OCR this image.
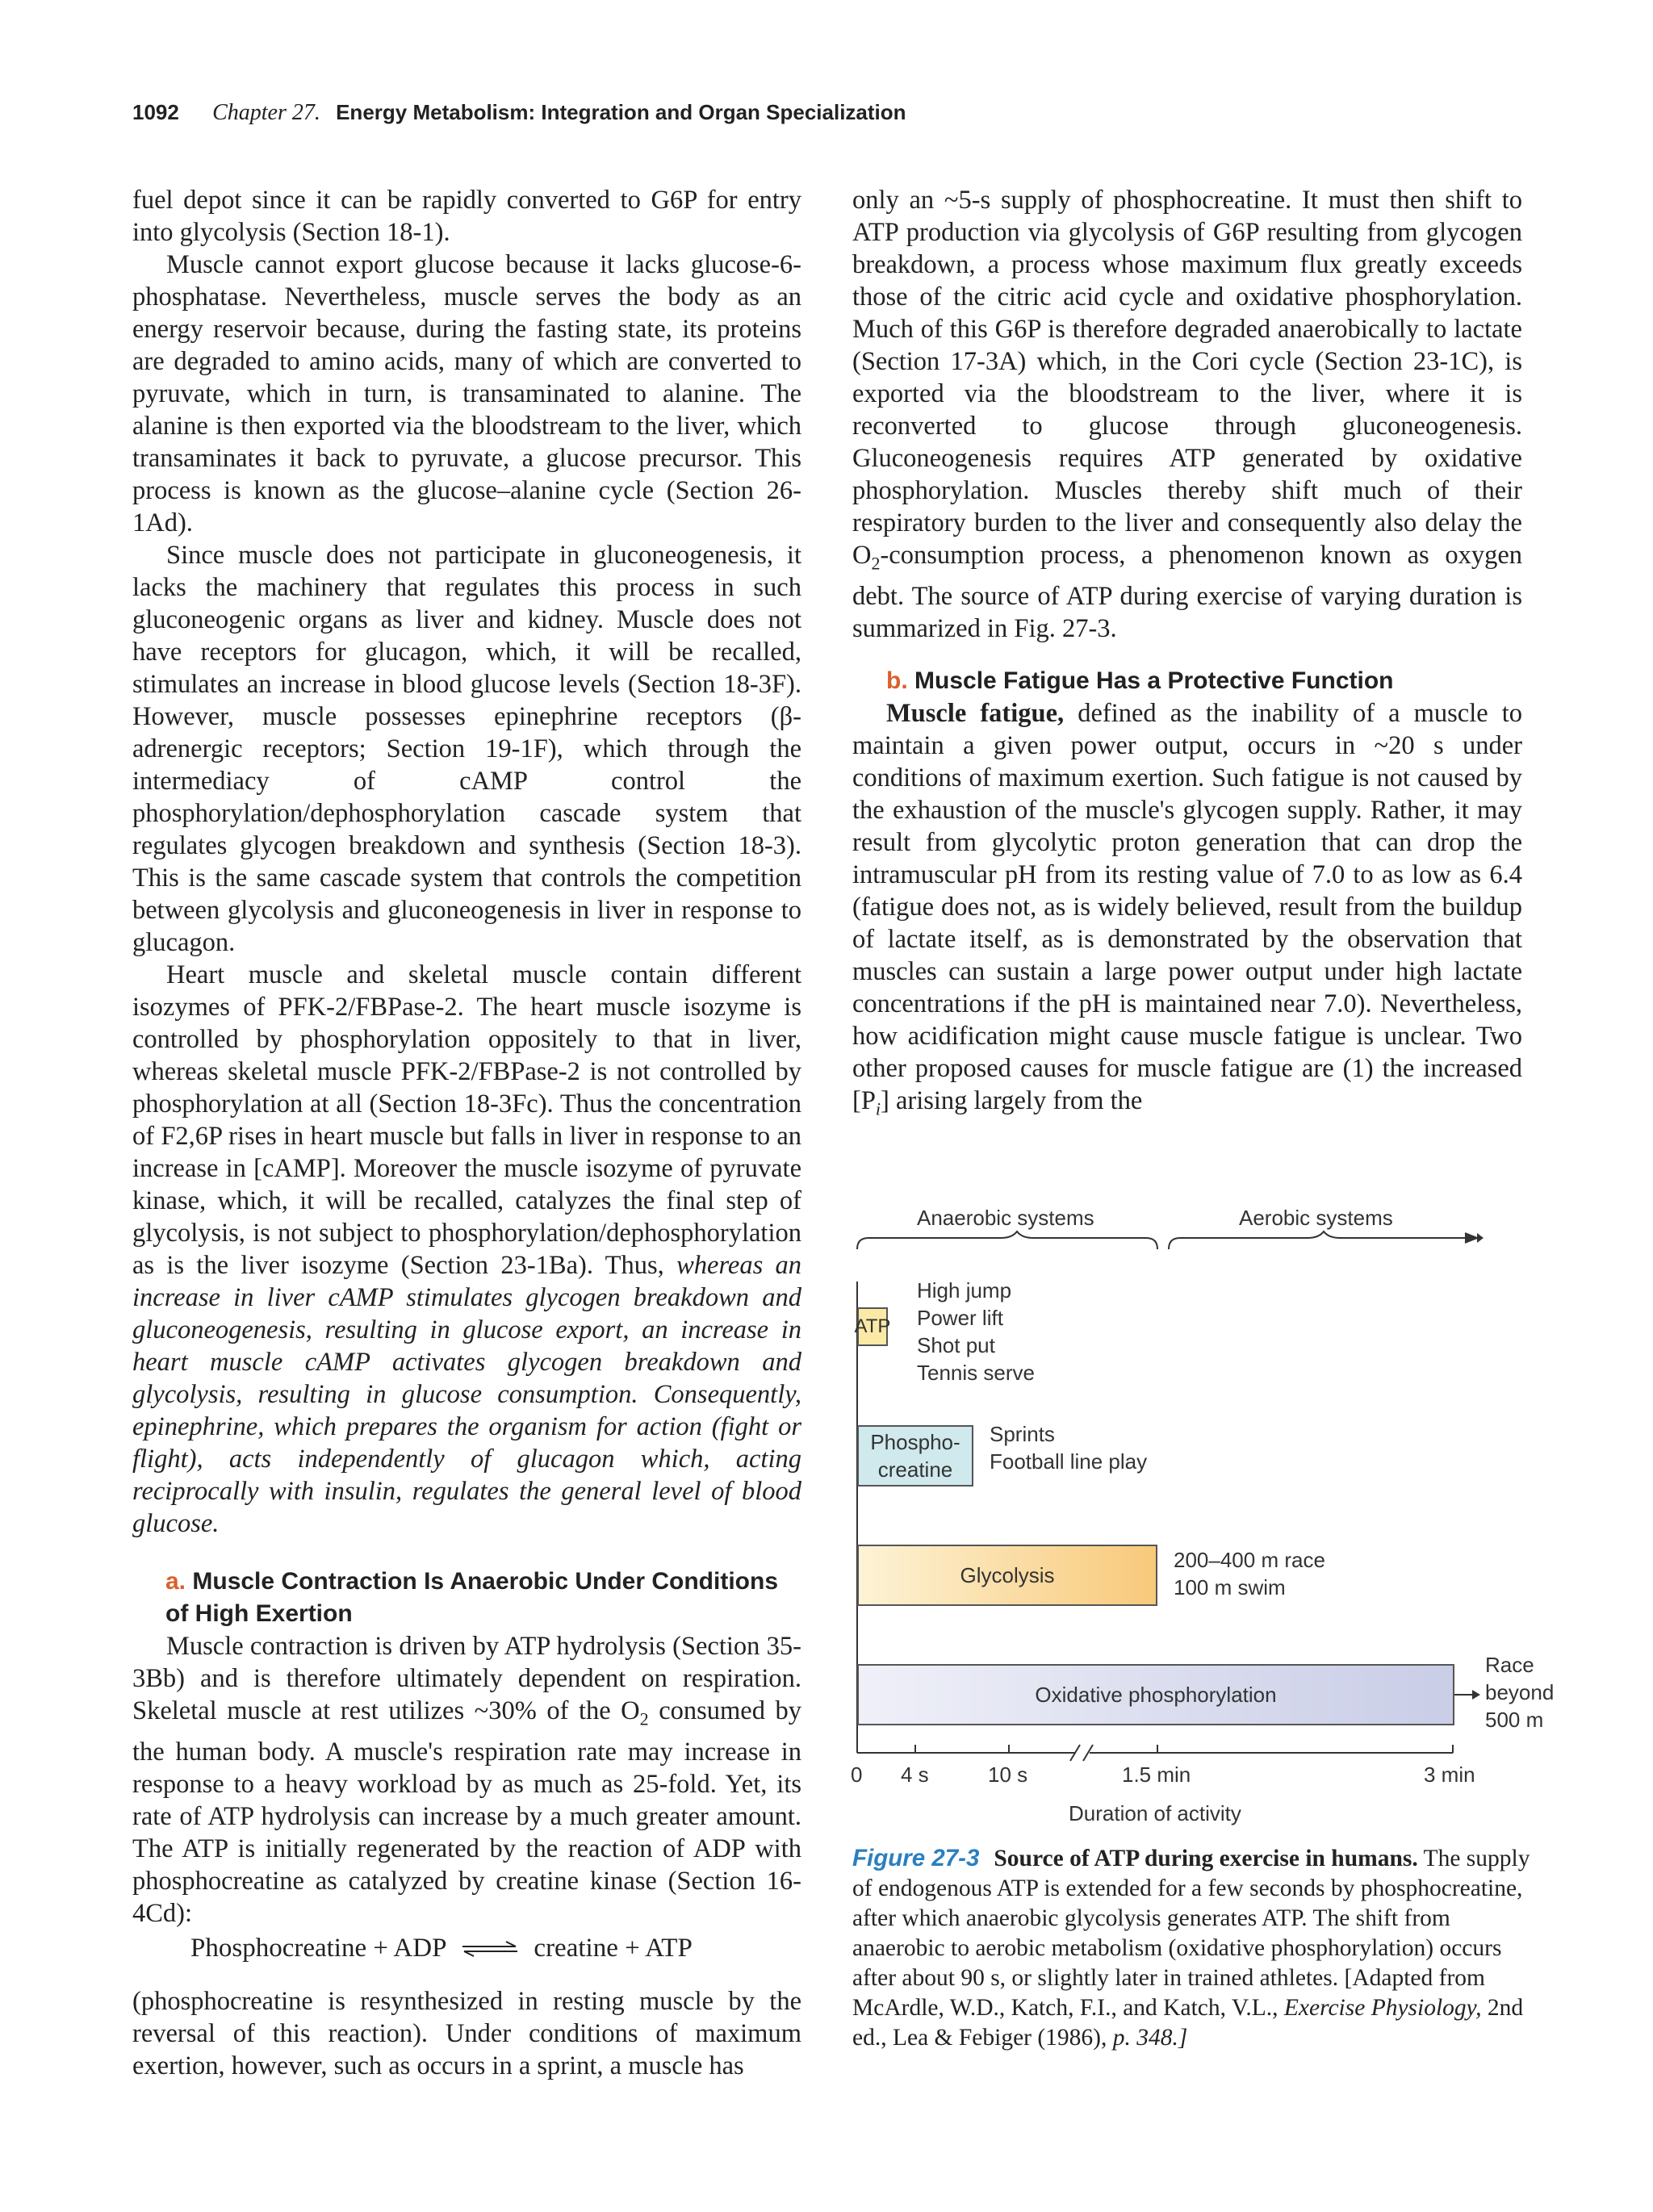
1092 Chapter 27. Energy Metabolism: Integration and Organ Specialization

fuel depot since it can be rapidly converted to G6P for entry into glycolysis (Section 18-1).

Muscle cannot export glucose because it lacks glucose-6-phosphatase. Nevertheless, muscle serves the body as an energy reservoir because, during the fasting state, its proteins are degraded to amino acids, many of which are converted to pyruvate, which in turn, is transaminated to alanine. The alanine is then exported via the bloodstream to the liver, which transaminates it back to pyruvate, a glucose precursor. This process is known as the glucose–alanine cycle (Section 26-1Ad).

Since muscle does not participate in gluconeogenesis, it lacks the machinery that regulates this process in such gluconeogenic organs as liver and kidney. Muscle does not have receptors for glucagon, which, it will be recalled, stimulates an increase in blood glucose levels (Section 18-3F). However, muscle possesses epinephrine receptors (β-adrenergic receptors; Section 19-1F), which through the intermediacy of cAMP control the phosphorylation/dephosphorylation cascade system that regulates glycogen breakdown and synthesis (Section 18-3). This is the same cascade system that controls the competition between glycolysis and gluconeogenesis in liver in response to glucagon.

Heart muscle and skeletal muscle contain different isozymes of PFK-2/FBPase-2. The heart muscle isozyme is controlled by phosphorylation oppositely to that in liver, whereas skeletal muscle PFK-2/FBPase-2 is not controlled by phosphorylation at all (Section 18-3Fc). Thus the concentration of F2,6P rises in heart muscle but falls in liver in response to an increase in [cAMP]. Moreover the muscle isozyme of pyruvate kinase, which, it will be recalled, catalyzes the final step of glycolysis, is not subject to phosphorylation/dephosphorylation as is the liver isozyme (Section 23-1Ba). Thus, whereas an increase in liver cAMP stimulates glycogen breakdown and gluconeogenesis, resulting in glucose export, an increase in heart muscle cAMP activates glycogen breakdown and glycolysis, resulting in glucose consumption. Consequently, epinephrine, which prepares the organism for action (fight or flight), acts independently of glucagon which, acting reciprocally with insulin, regulates the general level of blood glucose.

a. Muscle Contraction Is Anaerobic Under Conditions of High Exertion

Muscle contraction is driven by ATP hydrolysis (Section 35-3Bb) and is therefore ultimately dependent on respiration. Skeletal muscle at rest utilizes ~30% of the $O_2$ consumed by the human body. A muscle's respiration rate may increase in response to a heavy workload by as much as 25-fold. Yet, its rate of ATP hydrolysis can increase by a much greater amount. The ATP is initially regenerated by the reaction of ADP with phosphocreatine as catalyzed by creatine kinase (Section 16-4Cd):

Phosphocreatine + ADP ⇌ creatine + ATP

(phosphocreatine is resynthesized in resting muscle by the reversal of this reaction). Under conditions of maximum exertion, however, such as occurs in a sprint, a muscle has

only an ~5-s supply of phosphocreatine. It must then shift to ATP production via glycolysis of G6P resulting from glycogen breakdown, a process whose maximum flux greatly exceeds those of the citric acid cycle and oxidative phosphorylation. Much of this G6P is therefore degraded anaerobically to lactate (Section 17-3A) which, in the Cori cycle (Section 23-1C), is exported via the bloodstream to the liver, where it is reconverted to glucose through gluconeogenesis. Gluconeogenesis requires ATP generated by oxidative phosphorylation. Muscles thereby shift much of their respiratory burden to the liver and consequently also delay the $O_2$-consumption process, a phenomenon known as oxygen debt. The source of ATP during exercise of varying duration is summarized in Fig. 27-3.

b. Muscle Fatigue Has a Protective Function

Muscle fatigue, defined as the inability of a muscle to maintain a given power output, occurs in ~20 s under conditions of maximum exertion. Such fatigue is not caused by the exhaustion of the muscle's glycogen supply. Rather, it may result from glycolytic proton generation that can drop the intramuscular pH from its resting value of 7.0 to as low as 6.4 (fatigue does not, as is widely believed, result from the buildup of lactate itself, as is demonstrated by the observation that muscles can sustain a large power output under high lactate concentrations if the pH is maintained near 7.0). Nevertheless, how acidification might cause muscle fatigue is unclear. Two other proposed causes for muscle fatigue are (1) the increased $[P_i]$ arising largely from the

Anaerobic systems	Aerobic systems
ATP
High jump
Power lift
Shot put
Tennis serve
Phospho-
creatine
Sprints
Football line play
Glycolysis
200–400 m race
100 m swim
Oxidative phosphorylation
Race
beyond
500 m
0 4 s	10 s	1.5 min	3 min
Duration of activity
Figure 27-3 Source of ATP during exercise in humans. The supply of endogenous ATP is extended for a few seconds by phosphocreatine, after which anaerobic glycolysis generates ATP. The shift from anaerobic to aerobic metabolism (oxidative phosphorylation) occurs after about 90 s, or slightly later in trained athletes. [Adapted from McArdle, W.D., Katch, F.I., and Katch, V.L., Exercise Physiology, 2nd ed., Lea & Febiger (1986), p. 348.]
